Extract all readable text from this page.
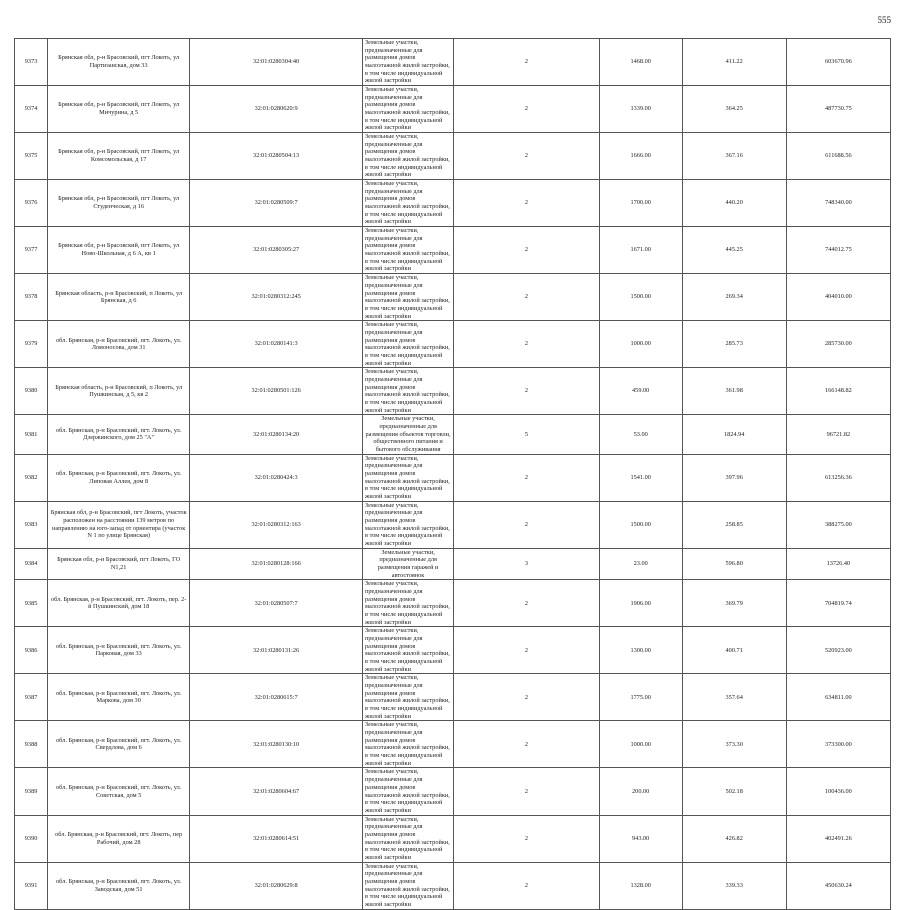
555
9373	Брянская обл, р-н Брасовский, пгт Локоть, ул Партизанская, дом 33	32:01:0280304:40	Земельные участки, предназначенные для размещения домов малоэтажной жилой застройки, в том числе индивидуальной жилой застройки	2	1468.00	411.22	603670.96
9374	Брянская обл, р-н Брасовский, пгт Локоть, ул Мичурина, д 5	32:01:0280620:9	Земельные участки, предназначенные для размещения домов малоэтажной жилой застройки, в том числе индивидуальной жилой застройки	2	1339.00	364.25	487730.75
9375	Брянская обл, р-н Брасовский, пгт Локоть, ул Комсомольская, д 17	32:01:0280504:13	Земельные участки, предназначенные для размещения домов малоэтажной жилой застройки, в том числе индивидуальной жилой застройки	2	1666.00	367.16	611688.56
9376	Брянская обл, р-н Брасовский, пгт Локоть, ул Студенческая, д 16	32:01:0280509:7	Земельные участки, предназначенные для размещения домов малоэтажной жилой застройки, в том числе индивидуальной жилой застройки	2	1700.00	440.20	748340.00
9377	Брянская обл, р-н Брасовский, пгт Локоть, ул Ново-Школьная, д 6 А, кв 1	32:01:0280305:27	Земельные участки, предназначенные для размещения домов малоэтажной жилой застройки, в том числе индивидуальной жилой застройки	2	1671.00	445.25	744012.75
9378	Брянская область, р-н Брасовский, п Локоть, ул Брянская, д 6	32:01:0280312:245	Земельные участки, предназначенные для размещения домов малоэтажной жилой застройки, в том числе индивидуальной жилой застройки	2	1500.00	269.34	404010.00
9379	обл. Брянская, р-н Брасовский, пгт. Локоть, ул. Ломоносова, дом 31	32:01:0280141:3	Земельные участки, предназначенные для размещения домов малоэтажной жилой застройки, в том числе индивидуальной жилой застройки	2	1000.00	285.73	285730.00
9380	Брянская область, р-н Брасовский, п Локоть, ул Пушкинская, д 5, кв 2	32:01:0280501:126	Земельные участки, предназначенные для размещения домов малоэтажной жилой застройки, в том числе индивидуальной жилой застройки	2	459.00	361.98	166148.82
9381	обл. Брянская, р-н Брасовский, пгт. Локоть, ул. Дзержинского, дом 25 "А"	32:01:0280134:20	Земельные участки, предназначенные для размещения объектов торговли, общественного питания и бытового обслуживания	5	53.00	1824.94	96721.82
9382	обл. Брянская, р-н Брасовский, пгт. Локоть, ул. Липовая Аллея, дом 8	32:01:0280424:3	Земельные участки, предназначенные для размещения домов малоэтажной жилой застройки, в том числе индивидуальной жилой застройки	2	1541.00	397.96	613256.36
9383	Брянская обл, р-н Брасовский, пгт Локоть, участок расположен на расстоянии 139 метров по направлению на юго-запад от ориентира (участок N 1 по улице Брянская)	32:01:0280312:163	Земельные участки, предназначенные для размещения домов малоэтажной жилой застройки, в том числе индивидуальной жилой застройки	2	1500.00	258.85	388275.00
9384	Брянская обл, р-н Брасовский, пгт Локоть, ГО N1,21	32:01:0280128:166	Земельные участки, предназначенные для размещения гаражей и автостоянок	3	23.00	596.80	13726.40
9385	обл. Брянская, р-н Брасовский, пгт. Локоть, пер. 2-й Пушкинский, дом 18	32:01:0280507:7	Земельные участки, предназначенные для размещения домов малоэтажной жилой застройки, в том числе индивидуальной жилой застройки	2	1906.00	369.79	704819.74
9386	обл. Брянская, р-н Брасовский, пгт. Локоть, ул. Парковая, дом 33	32:01:0280131:26	Земельные участки, предназначенные для размещения домов малоэтажной жилой застройки, в том числе индивидуальной жилой застройки	2	1300.00	400.71	520923.00
9387	обл. Брянская, р-н Брасовский, пгт. Локоть, ул. Маркова, дом 30	32:01:0280615:7	Земельные участки, предназначенные для размещения домов малоэтажной жилой застройки, в том числе индивидуальной жилой застройки	2	1775.00	357.64	634811.00
9388	обл. Брянская, р-н Брасовский, пгт. Локоть, ул. Свердлова, дом 6	32:01:0280130:10	Земельные участки, предназначенные для размещения домов малоэтажной жилой застройки, в том числе индивидуальной жилой застройки	2	1000.00	373.30	373300.00
9389	обл. Брянская, р-н Брасовский, пгт. Локоть, ул. Советская, дом 5	32:01:0280604:67	Земельные участки, предназначенные для размещения домов малоэтажной жилой застройки, в том числе индивидуальной жилой застройки	2	200.00	502.18	100436.00
9390	обл. Брянская, р-н Брасовский, пгт. Локоть, пер Рабочий, дом 28	32:01:0280614:51	Земельные участки, предназначенные для размещения домов малоэтажной жилой застройки, в том числе индивидуальной жилой застройки	2	943.00	426.82	402491.26
9391	обл. Брянская, р-н Брасовский, пгт. Локоть, ул. Заводская, дом 51	32:01:0280629:8	Земельные участки, предназначенные для размещения домов малоэтажной жилой застройки, в том числе индивидуальной жилой застройки	2	1328.00	339.33	450630.24
